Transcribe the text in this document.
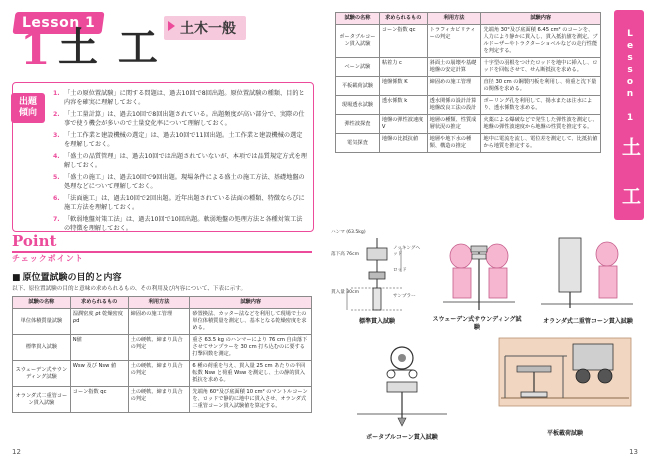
Lesson 1
1 土 工	土木一般
出題
傾向
1. 「土の原位置試験」に関する問題は、過去10回で8回出題。原位置試験の種類、目的と内容を確実に理解しておく。
2. 「土工量計算」は、過去10回で8回出題されている。出題頻度が高い部分で、実際の仕事で使う機会が多いので土量変化率について理解しておく。
3. 「土工作業と建設機械の選定」は、過去10回で11回出題。土工作業と建設機械の選定を理解しておく。
4. 「盛土の品質管理」は、過去10回では出題されていないが、本項では品質規定方式を理解しておく。
5. 「盛土の施工」は、過去10回で9回出題。現場条件による盛土の施工方法、基礎地盤の処理などについて理解しておく。
6. 「法面施工」は、過去10回で2回出題。近年出題されている法面の種類、特徴ならびに施工方法を理解しておく。
7. 「軟弱地盤対策工法」は、過去10回で10回出題。軟弱地盤の処理方法と各種対策工法の特徴を理解しておく。
Point
チェックポイント
■ 原位置試験の目的と内容
以下、原位置試験の目的と意味の求められるもの、その利用及び内容について、下表に示す。
試験の名称	求められるもの	利用方法	試験内容
単位体積質量試験	湿潤密度 ρt 乾燥密度 ρd	締固めの施工管理	砂置換法、カッター法などを利用して現場で土の単位体積質量を測定し、基本となる乾燥密度を求める。
標準貫入試験	N値	土の硬軟、締まり具合の判定	重さ 63.5 kg のハンマーにより 76 cm 自由落下させてサンプラーを 30 cm 打ち込むのに要する打撃回数を測定。
スウェーデン式サウンディング試験	Wsw 及び Nsw 値	土の硬軟、締まり具合の判定	6 種の荷重を与え、貫入量 25 cm あたりの半回転数 Nsw と荷重 Wsw を測定し、土の静的貫入抵抗を求める。
オランダ式二重管コーン貫入試験	コーン指数 qc	土の硬軟、締まり具合の判定	先端角 60°及び底面積 10 cm² のマントルコーンを、ロッドで静的に地中に貫入させ、オランダ式二重管コーン貫入試験値を算定する。
12
試験の名称	求められるもの	利用方法	試験内容
ポータブルコーン貫入試験	コーン指数 qc	トラフィカビリティーの判定	先端角 30°及び底面積 6.45 cm² のコーンを、人力により静かに貫入し、貫入抵抗値を測定。ブルドーザーやトラクターショベルなどの走行性能を判定する。
ベーン試験	粘着力 c	斜面土の崩壊や基礎地盤の安定計算	十字型の羽根をつけたロッドを地中に挿入し、ロッドを回転させて、せん断抵抗を求める。
平板載荷試験	地盤係数 K	締固めの施工管理	直径 30 cm の鋼製円板を利用し、荷重と沈下量の関係を求める。
現場透水試験	透水係数 k	透水関係の設計計算地盤改良工法の設計	ボーリング孔を利用して、揚水または注水により、透水係数を求める。
弾性波探査	地盤の弾性波速度 V	地層の種類、性質成層状況の推定	火薬による爆破などで発生した弾性波を測定し、地盤の弾性波速度から地盤の性質を推定する。
電気探査	地盤の比抵抗値	地層や地下水の種類、構造の推定	地中に電流を流し、電位差を測定して、比抵抗値から地質を推定する。
Lesson 1 土 工
ハンマ (63.5kg)
落下高 76cm
貫入量 30cm
ノッキングヘッド
ロッド
サンプラー
標準貫入試験	スウェーデン式サウンディング試験
オランダ式二重管コーン貫入試験
ポータブルコーン貫入試験
平板載荷試験
13
